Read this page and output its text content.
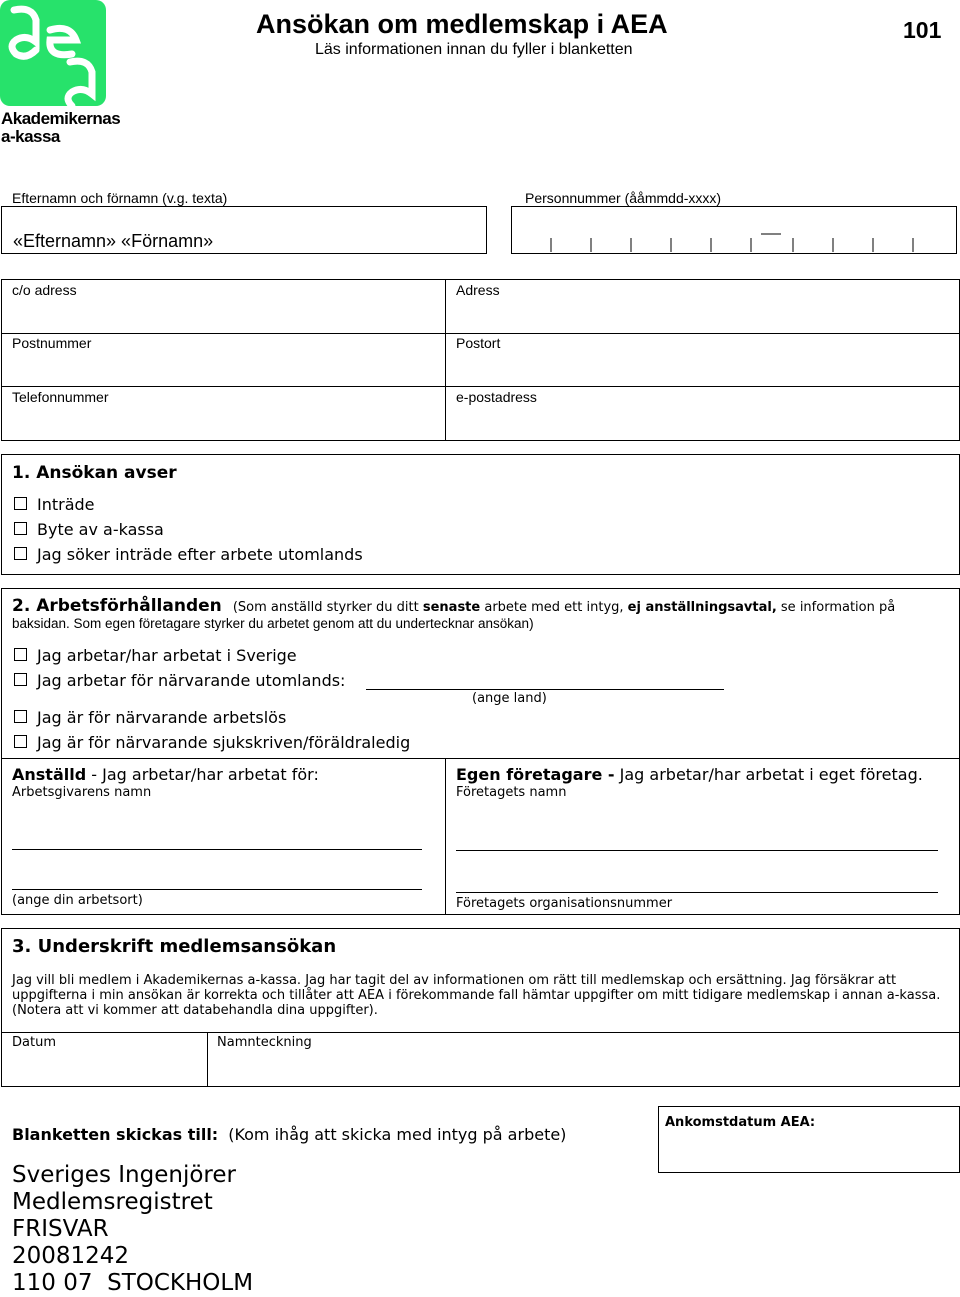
Akademikernas
a-kassa
Ansökan om medlemskap i AEA
Läs informationen innan du fyller i blanketten
101
Efternamn och förnamn (v.g. texta)
«Efternamn» «Förnamn»
Personnummer (ååmmdd-xxxx)
c/o adress	Adress
Postnummer	Postort
Telefonnummer	e-postadress
1. Ansökan avser
Inträde
Byte av a-kassa
Jag söker inträde efter arbete utomlands
2. Arbetsförhållanden (Som anställd styrker du ditt senaste arbete med ett intyg, ej anställningsavtal, se information på
baksidan. Som egen företagare styrker du arbetet genom att du undertecknar ansökan)
Jag arbetar/har arbetat i Sverige
Jag arbetar för närvarande utomlands:
(ange land)
Jag är för närvarande arbetslös
Jag är för närvarande sjukskriven/föräldraledig
Anställd - Jag arbetar/har arbetat för:
Arbetsgivarens namn
(ange din arbetsort)
Egen företagare - Jag arbetar/har arbetat i eget företag.
Företagets namn
Företagets organisationsnummer
3. Underskrift medlemsansökan
Jag vill bli medlem i Akademikernas a-kassa. Jag har tagit del av informationen om rätt till medlemskap och ersättning. Jag försäkrar att
uppgifterna i min ansökan är korrekta och tillåter att AEA i förekommande fall hämtar uppgifter om mitt tidigare medlemskap i annan a-kassa.
(Notera att vi kommer att databehandla dina uppgifter).
Datum	Namnteckning
Blanketten skickas till: (Kom ihåg att skicka med intyg på arbete)
Ankomstdatum AEA:
Sveriges Ingenjörer
Medlemsregistret
FRISVAR
20081242
110 07  STOCKHOLM
